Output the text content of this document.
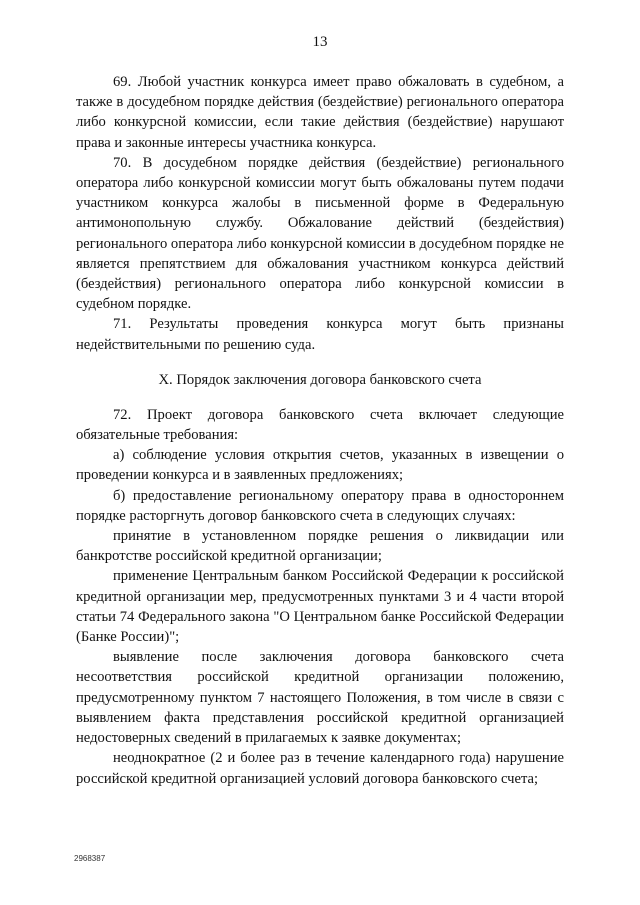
13

69. Любой участник конкурса имеет право обжаловать в судебном, а также в досудебном порядке действия (бездействие) регионального оператора либо конкурсной комиссии, если такие действия (бездействие) нарушают права и законные интересы участника конкурса.

70. В досудебном порядке действия (бездействие) регионального оператора либо конкурсной комиссии могут быть обжалованы путем подачи участником конкурса жалобы в письменной форме в Федеральную антимонопольную службу. Обжалование действий (бездействия) регионального оператора либо конкурсной комиссии в досудебном порядке не является препятствием для обжалования участником конкурса действий (бездействия) регионального оператора либо конкурсной комиссии в судебном порядке.

71. Результаты проведения конкурса могут быть признаны недействительными по решению суда.

X. Порядок заключения договора банковского счета

72. Проект договора банковского счета включает следующие обязательные требования:

а) соблюдение условия открытия счетов, указанных в извещении о проведении конкурса и в заявленных предложениях;

б) предоставление региональному оператору права в одностороннем порядке расторгнуть договор банковского счета в следующих случаях:

принятие в установленном порядке решения о ликвидации или банкротстве российской кредитной организации;

применение Центральным банком Российской Федерации к российской кредитной организации мер, предусмотренных пунктами 3 и 4 части второй статьи 74 Федерального закона "О Центральном банке Российской Федерации (Банке России)";

выявление после заключения договора банковского счета несоответствия российской кредитной организации положению, предусмотренному пунктом 7 настоящего Положения, в том числе в связи с выявлением факта представления российской кредитной организацией недостоверных сведений в прилагаемых к заявке документах;

неоднократное (2 и более раз в течение календарного года) нарушение российской кредитной организацией условий договора банковского счета;

2968387
